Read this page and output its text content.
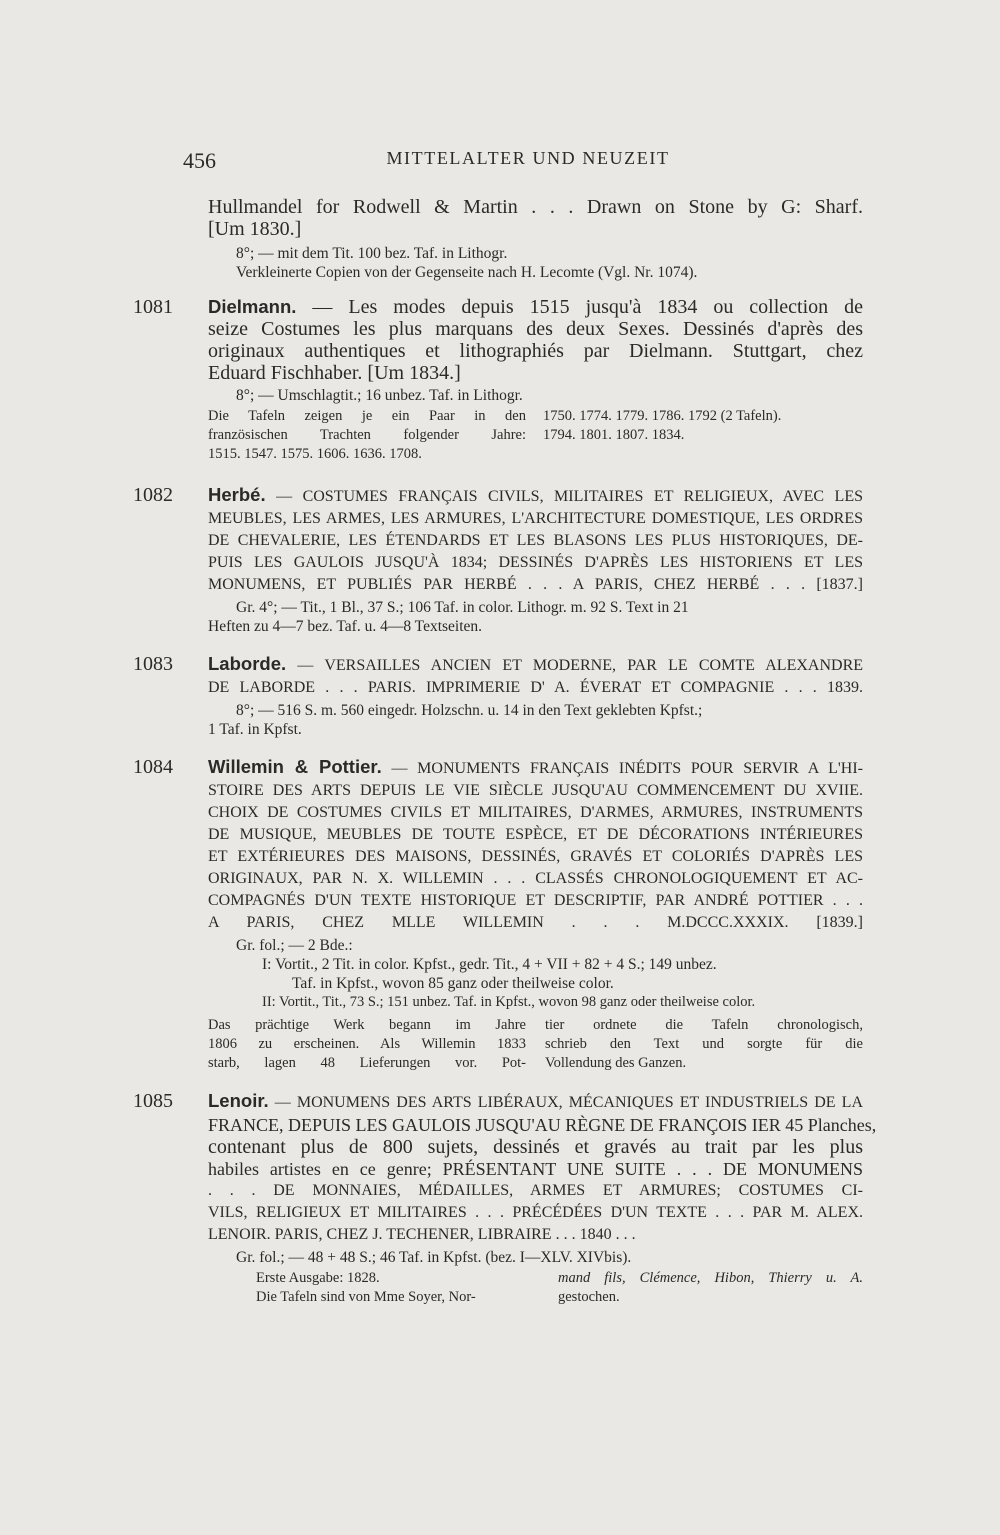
456	MITTELALTER UND NEUZEIT
Hullmandel for Rodwell & Martin . . . Drawn on Stone by G: Sharf.
[Um 1830.]
8°; — mit dem Tit. 100 bez. Taf. in Lithogr.
Verkleinerte Copien von der Gegenseite nach H. Lecomte (Vgl. Nr. 1074).
1081 Dielmann. — Les modes depuis 1515 jusqu'à 1834 ou collection de
seize Costumes les plus marquans des deux Sexes. Dessinés d'après des
originaux authentiques et lithographiés par Dielmann. Stuttgart, chez
Eduard Fischhaber. [Um 1834.]
8°; — Umschlagtit.; 16 unbez. Taf. in Lithogr.
Die Tafeln zeigen je ein Paar in den
französischen Trachten folgender Jahre:
1515. 1547. 1575. 1606. 1636. 1708.
1750. 1774. 1779. 1786. 1792 (2 Tafeln).
1794. 1801. 1807. 1834.
1082 Herbé. — COSTUMES FRANÇAIS CIVILS, MILITAIRES ET RELIGIEUX, AVEC LES
MEUBLES, LES ARMES, LES ARMURES, L'ARCHITECTURE DOMESTIQUE, LES ORDRES
DE CHEVALERIE, LES ÉTENDARDS ET LES BLASONS LES PLUS HISTORIQUES, DE-
PUIS LES GAULOIS JUSQU'À 1834; DESSINÉS D'APRÈS LES HISTORIENS ET LES
MONUMENS, ET PUBLIÉS PAR HERBÉ . . . A PARIS, CHEZ HERBÉ . . . [1837.]
Gr. 4°; — Tit., 1 Bl., 37 S.; 106 Taf. in color. Lithogr. m. 92 S. Text in 21
Heften zu 4—7 bez. Taf. u. 4—8 Textseiten.
1083 Laborde. — VERSAILLES ANCIEN ET MODERNE, PAR LE COMTE ALEXANDRE
DE LABORDE . . . PARIS. IMPRIMERIE D' A. ÉVERAT ET COMPAGNIE . . . 1839.
8°; — 516 S. m. 560 eingedr. Holzschn. u. 14 in den Text geklebten Kpfst.;
1 Taf. in Kpfst.
1084 Willemin & Pottier. — MONUMENTS FRANÇAIS INÉDITS POUR SERVIR A L'HI-
STOIRE DES ARTS DEPUIS LE VIE SIÈCLE JUSQU'AU COMMENCEMENT DU XVIIE.
CHOIX DE COSTUMES CIVILS ET MILITAIRES, D'ARMES, ARMURES, INSTRUMENTS
DE MUSIQUE, MEUBLES DE TOUTE ESPÈCE, ET DE DÉCORATIONS INTÉRIEURES
ET EXTÉRIEURES DES MAISONS, DESSINÉS, GRAVÉS ET COLORIÉS D'APRÈS LES
ORIGINAUX, PAR N. X. WILLEMIN . . . CLASSÉS CHRONOLOGIQUEMENT ET AC-
COMPAGNÉS D'UN TEXTE HISTORIQUE ET DESCRIPTIF, PAR ANDRÉ POTTIER . . .
A PARIS, CHEZ MLLE WILLEMIN . . . M.DCCC.XXXIX. [1839.]
Gr. fol.; — 2 Bde.:
I: Vortit., 2 Tit. in color. Kpfst., gedr. Tit., 4 + VII + 82 + 4 S.; 149 unbez.
Taf. in Kpfst., wovon 85 ganz oder theilweise color.
II: Vortit., Tit., 73 S.; 151 unbez. Taf. in Kpfst., wovon 98 ganz oder theilweise color.
Das prächtige Werk begann im Jahre
1806 zu erscheinen. Als Willemin 1833
starb, lagen 48 Lieferungen vor. Pot-
tier ordnete die Tafeln chronologisch,
schrieb den Text und sorgte für die
Vollendung des Ganzen.
1085 Lenoir. — MONUMENS DES ARTS LIBÉRAUX, MÉCANIQUES ET INDUSTRIELS DE LA
FRANCE, DEPUIS LES GAULOIS JUSQU'AU RÈGNE DE FRANÇOIS IER 45 Planches,
contenant plus de 800 sujets, dessinés et gravés au trait par les plus
habiles artistes en ce genre; PRÉSENTANT UNE SUITE . . . DE MONUMENS
. . . DE MONNAIES, MÉDAILLES, ARMES ET ARMURES; COSTUMES CI-
VILS, RELIGIEUX ET MILITAIRES . . . PRÉCÉDÉES D'UN TEXTE . . . PAR M. ALEX.
LENOIR. PARIS, CHEZ J. TECHENER, LIBRAIRE . . . 1840 . . .
Gr. fol.; — 48 + 48 S.; 46 Taf. in Kpfst. (bez. I—XLV. XIVbis).
Erste Ausgabe: 1828.
Die Tafeln sind von Mme Soyer, Nor-
mand fils, Clémence, Hibon, Thierry u. A.
gestochen.
